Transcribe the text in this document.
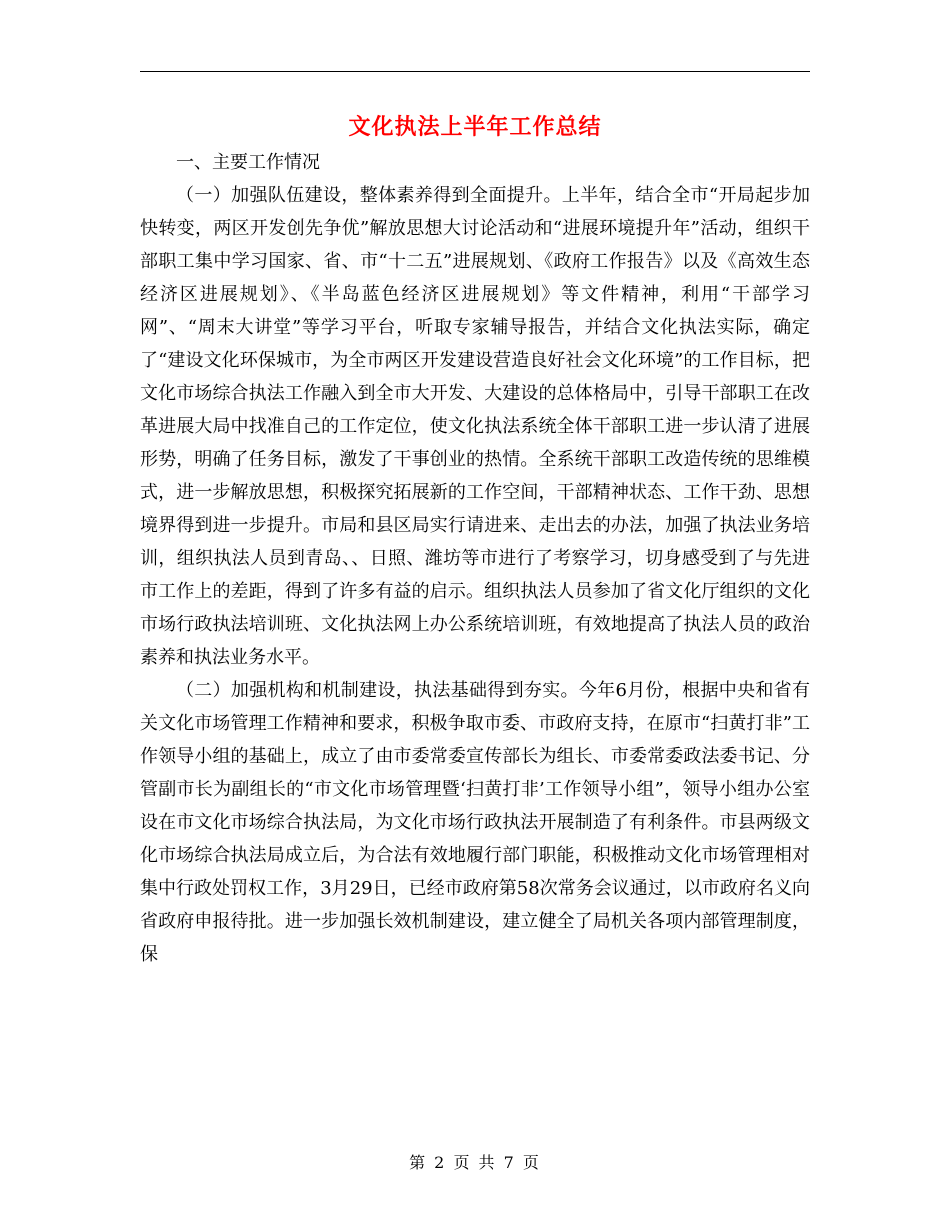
文化执法上半年工作总结

一、主要工作情况

（一）加强队伍建设，整体素养得到全面提升。上半年，结合全市“开局起步加快转变，两区开发创先争优”解放思想大讨论活动和“进展环境提升年”活动，组织干部职工集中学习国家、省、市“十二五”进展规划、《政府工作报告》以及《高效生态经济区进展规划》、《半岛蓝色经济区进展规划》等文件精神，利用“干部学习网”、“周末大讲堂”等学习平台，听取专家辅导报告，并结合文化执法实际，确定了“建设文化环保城市，为全市两区开发建设营造良好社会文化环境”的工作目标，把文化市场综合执法工作融入到全市大开发、大建设的总体格局中，引导干部职工在改革进展大局中找准自己的工作定位，使文化执法系统全体干部职工进一步认清了进展形势，明确了任务目标，激发了干事创业的热情。全系统干部职工改造传统的思维模式，进一步解放思想，积极探究拓展新的工作空间，干部精神状态、工作干劲、思想境界得到进一步提升。市局和县区局实行请进来、走出去的办法，加强了执法业务培训，组织执法人员到青岛、、日照、潍坊等市进行了考察学习，切身感受到了与先进市工作上的差距，得到了许多有益的启示。组织执法人员参加了省文化厅组织的文化市场行政执法培训班、文化执法网上办公系统培训班，有效地提高了执法人员的政治素养和执法业务水平。

（二）加强机构和机制建设，执法基础得到夯实。今年6月份，根据中央和省有关文化市场管理工作精神和要求，积极争取市委、市政府支持，在原市“扫黄打非”工作领导小组的基础上，成立了由市委常委宣传部长为组长、市委常委政法委书记、分管副市长为副组长的“市文化市场管理暨‘扫黄打非’工作领导小组”，领导小组办公室设在市文化市场综合执法局，为文化市场行政执法开展制造了有利条件。市县两级文化市场综合执法局成立后，为合法有效地履行部门职能，积极推动文化市场管理相对集中行政处罚权工作，3月29日，已经市政府第58次常务会议通过，以市政府名义向省政府申报待批。进一步加强长效机制建设，建立健全了局机关各项内部管理制度，保

第 2 页 共 7 页
